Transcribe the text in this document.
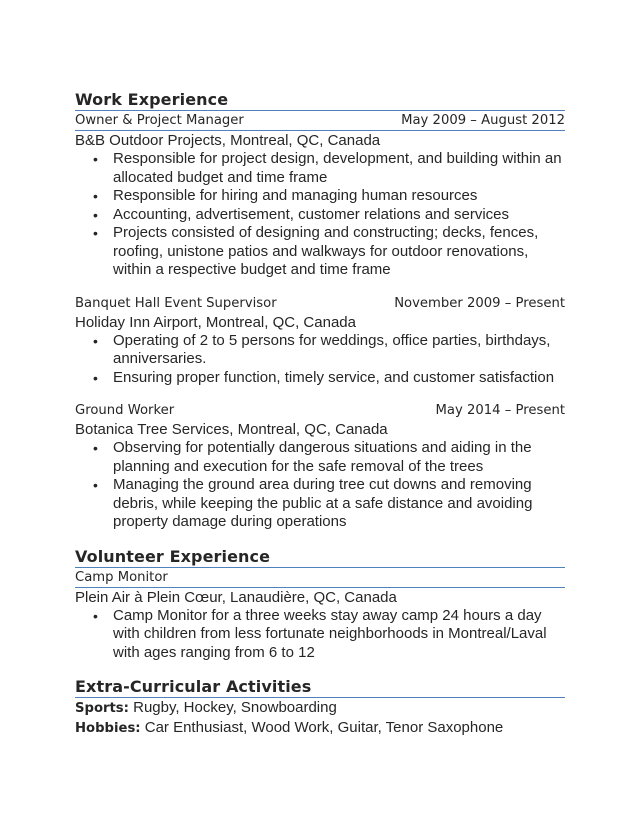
Work Experience
Owner & Project Manager	May 2009 – August 2012
B&B Outdoor Projects, Montreal, QC, Canada
• Responsible for project design, development, and building within an allocated budget and time frame
• Responsible for hiring and managing human resources
• Accounting, advertisement, customer relations and services
• Projects consisted of designing and constructing; decks, fences, roofing, unistone patios and walkways for outdoor renovations, within a respective budget and time frame
Banquet Hall Event Supervisor	November 2009 – Present
Holiday Inn Airport, Montreal, QC, Canada
• Operating of 2 to 5 persons for weddings, office parties, birthdays, anniversaries.
• Ensuring proper function, timely service, and customer satisfaction
Ground Worker	May 2014 – Present
Botanica Tree Services, Montreal, QC, Canada
• Observing for potentially dangerous situations and aiding in the planning and execution for the safe removal of the trees
• Managing the ground area during tree cut downs and removing debris, while keeping the public at a safe distance and avoiding property damage during operations
Volunteer Experience
Camp Monitor
Plein Air à Plein Cœur, Lanaudière, QC, Canada
• Camp Monitor for a three weeks stay away camp 24 hours a day with children from less fortunate neighborhoods in Montreal/Laval with ages ranging from 6 to 12
Extra-Curricular Activities
Sports: Rugby, Hockey, Snowboarding
Hobbies: Car Enthusiast, Wood Work, Guitar, Tenor Saxophone
